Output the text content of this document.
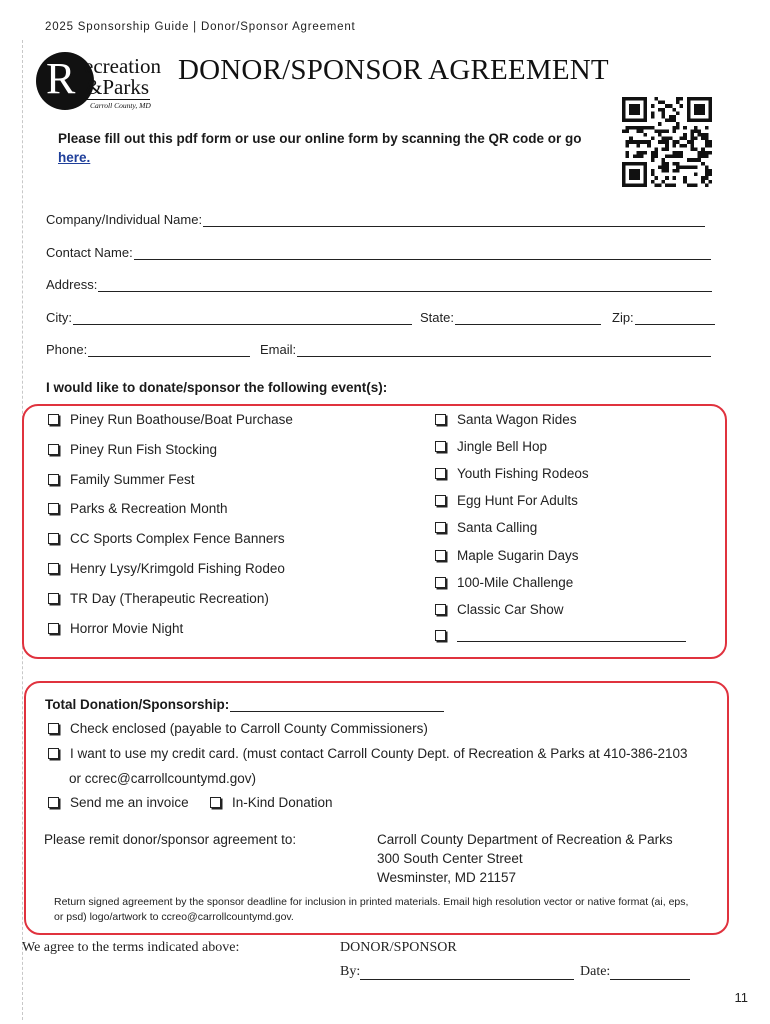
2025 Sponsorship Guide | Donor/Sponsor Agreement
R ecreation
&Parks
Carroll County, MD
DONOR/SPONSOR AGREEMENT
Please fill out this pdf form or use our online form by scanning the QR code or go here.
Company/Individual Name:
Contact Name:
Address:
City:	State:	Zip:
Phone:	Email:
I would like to donate/sponsor the following event(s):
Piney Run Boathouse/Boat Purchase
Piney Run Fish Stocking
Family Summer Fest
Parks & Recreation Month
CC Sports Complex Fence Banners
Henry Lysy/Krimgold Fishing Rodeo
TR Day (Therapeutic Recreation)
Horror Movie Night
Santa Wagon Rides
Jingle Bell Hop
Youth Fishing Rodeos
Egg Hunt For Adults
Santa Calling
Maple Sugarin Days
100-Mile Challenge
Classic Car Show
Total Donation/Sponsorship:
Check enclosed (payable to Carroll County Commissioners)
I want to use my credit card. (must contact Carroll County Dept. of Recreation & Parks at 410-386-2103
or ccrec@carrollcountymd.gov)
Send me an invoice	In-Kind Donation
Please remit donor/sponsor agreement to:	Carroll County Department of Recreation & Parks
300 South Center Street
Wesminster, MD 21157
Return signed agreement by the sponsor deadline for inclusion in printed materials. Email high resolution vector or native format (ai, eps, or psd) logo/artwork to ccreo@carrollcountymd.gov.
We agree to the terms indicated above:	DONOR/SPONSOR
By:	Date:
11
